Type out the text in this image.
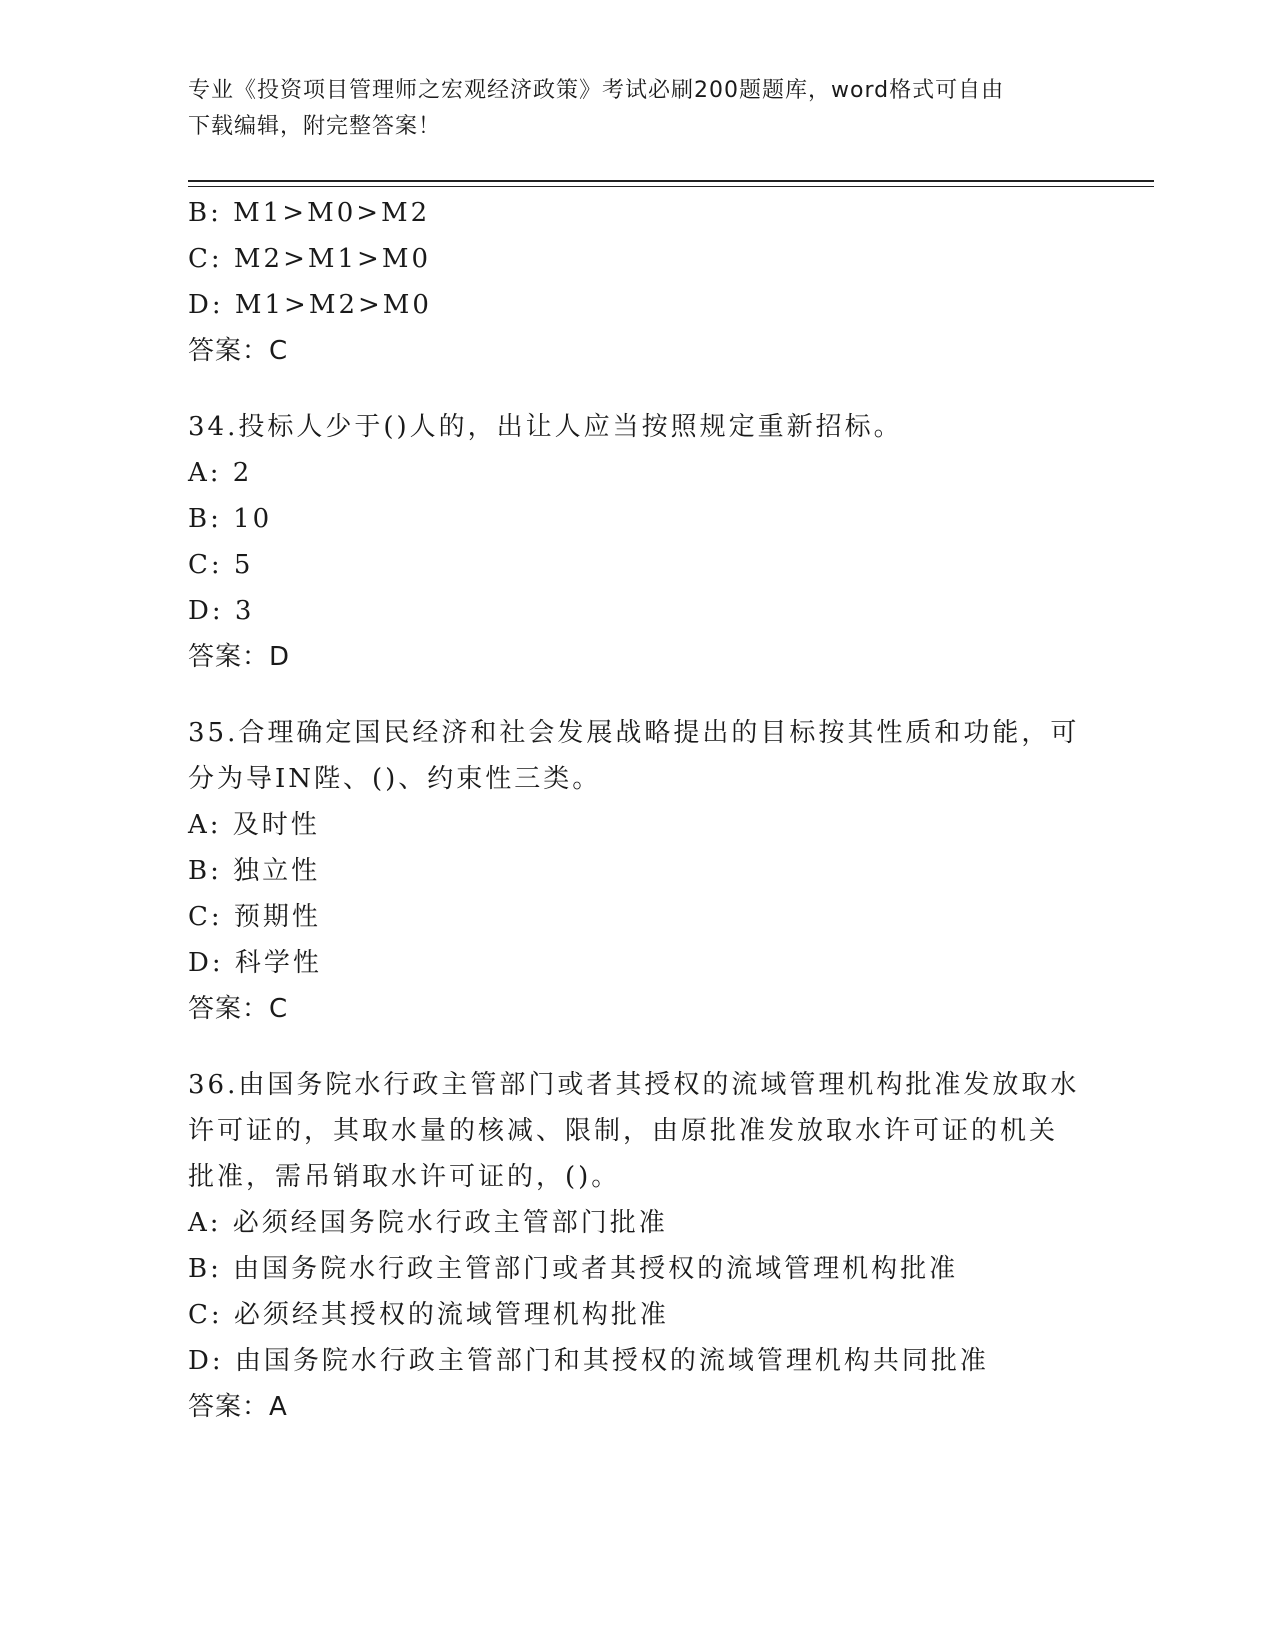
专业《投资项目管理师之宏观经济政策》考试必刷200题题库，word格式可自由
下载编辑，附完整答案！
B: M1>M0>M2
C: M2>M1>M0
D: M1>M2>M0
答案：C
34.投标人少于()人的，出让人应当按照规定重新招标。
A: 2
B: 10
C: 5
D: 3
答案：D
35.合理确定国民经济和社会发展战略提出的目标按其性质和功能，可
分为导IN陛、()、约束性三类。
A: 及时性
B: 独立性
C: 预期性
D: 科学性
答案：C
36.由国务院水行政主管部门或者其授权的流域管理机构批准发放取水
许可证的，其取水量的核减、限制，由原批准发放取水许可证的机关
批准，需吊销取水许可证的，()。
A: 必须经国务院水行政主管部门批准
B: 由国务院水行政主管部门或者其授权的流域管理机构批准
C: 必须经其授权的流域管理机构批准
D: 由国务院水行政主管部门和其授权的流域管理机构共同批准
答案：A
